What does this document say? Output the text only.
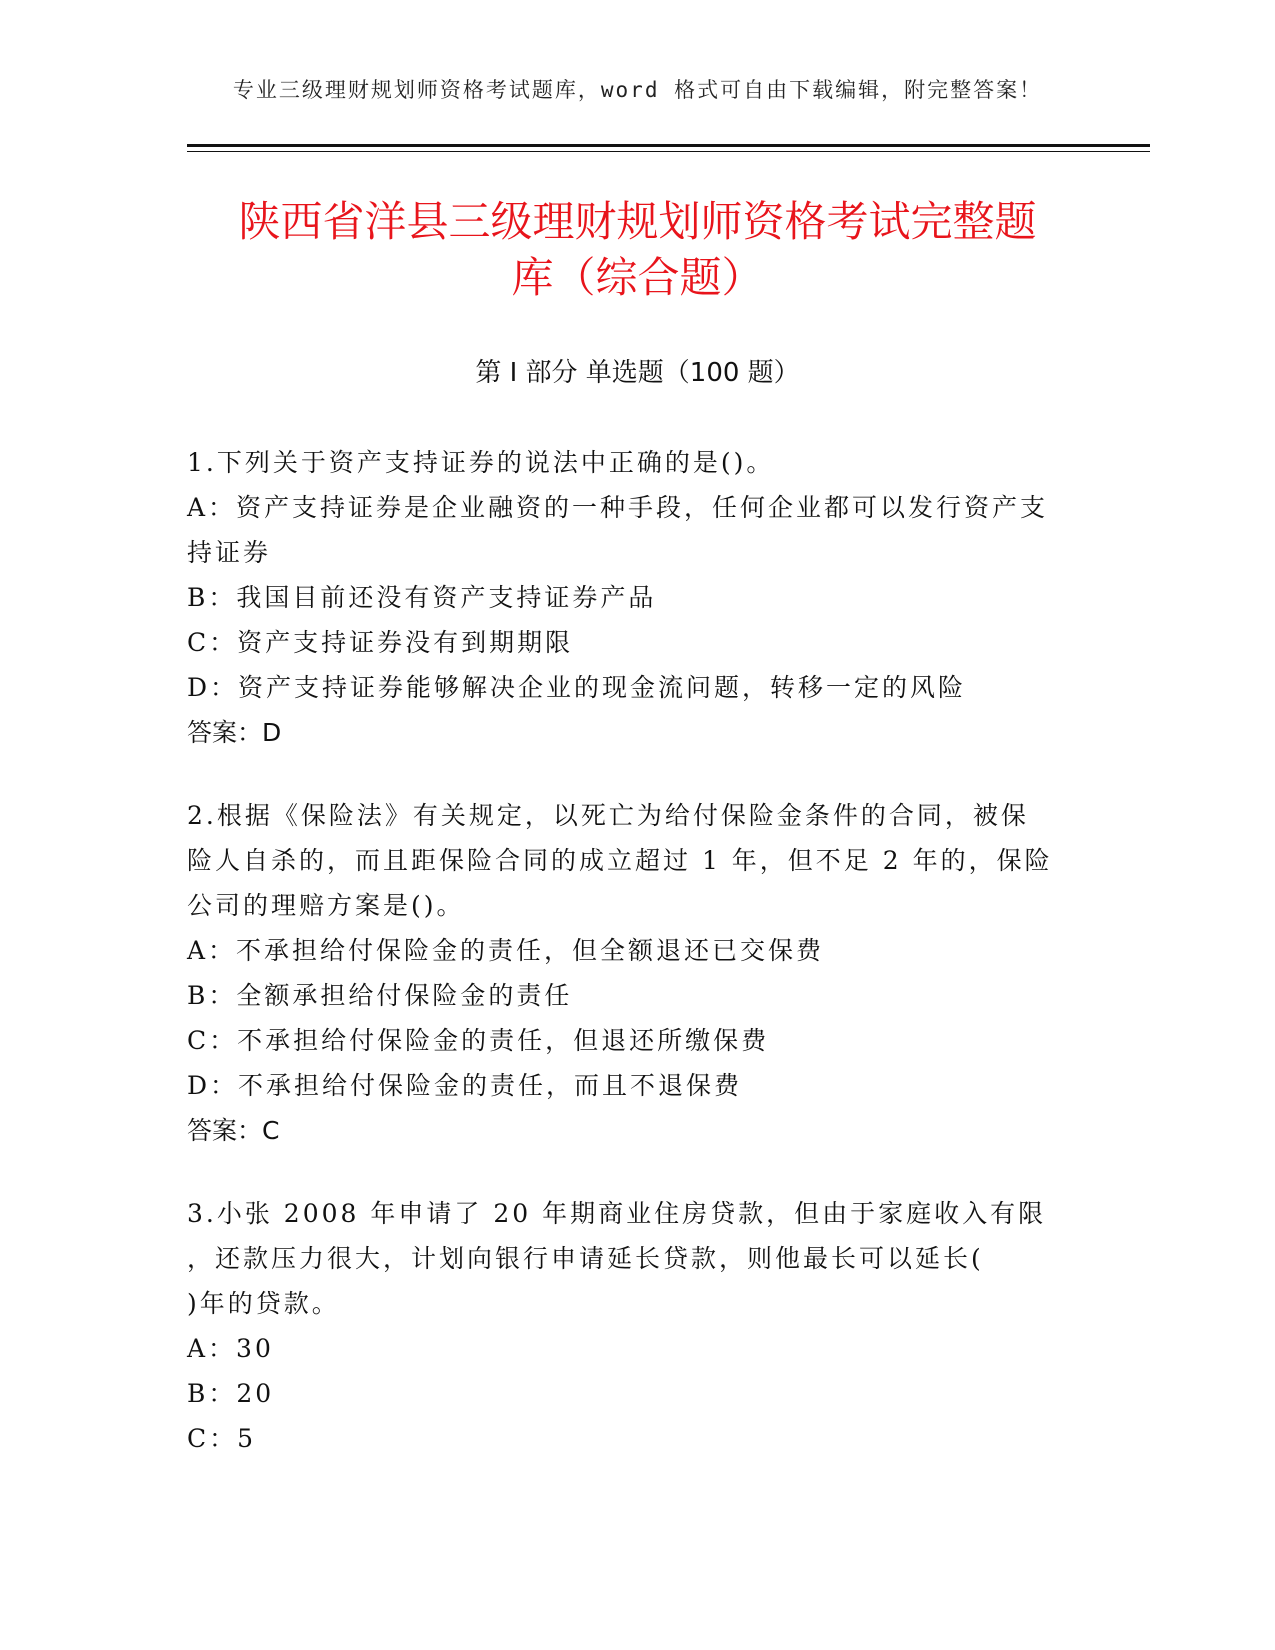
专业三级理财规划师资格考试题库，word 格式可自由下载编辑，附完整答案！
陕西省洋县三级理财规划师资格考试完整题
库（综合题）
第 I 部分 单选题（100 题）

1.下列关于资产支持证券的说法中正确的是()。

A：资产支持证券是企业融资的一种手段，任何企业都可以发行资产支

持证券

B：我国目前还没有资产支持证券产品

C：资产支持证券没有到期期限

D：资产支持证券能够解决企业的现金流问题，转移一定的风险

答案：D

2.根据《保险法》有关规定，以死亡为给付保险金条件的合同，被保

险人自杀的，而且距保险合同的成立超过 1 年，但不足 2 年的，保险

公司的理赔方案是()。

A：不承担给付保险金的责任，但全额退还已交保费

B：全额承担给付保险金的责任

C：不承担给付保险金的责任，但退还所缴保费

D：不承担给付保险金的责任，而且不退保费

答案：C

3.小张 2008 年申请了 20 年期商业住房贷款，但由于家庭收入有限

，还款压力很大，计划向银行申请延长贷款，则他最长可以延长(

)年的贷款。

A：30

B：20

C：5
